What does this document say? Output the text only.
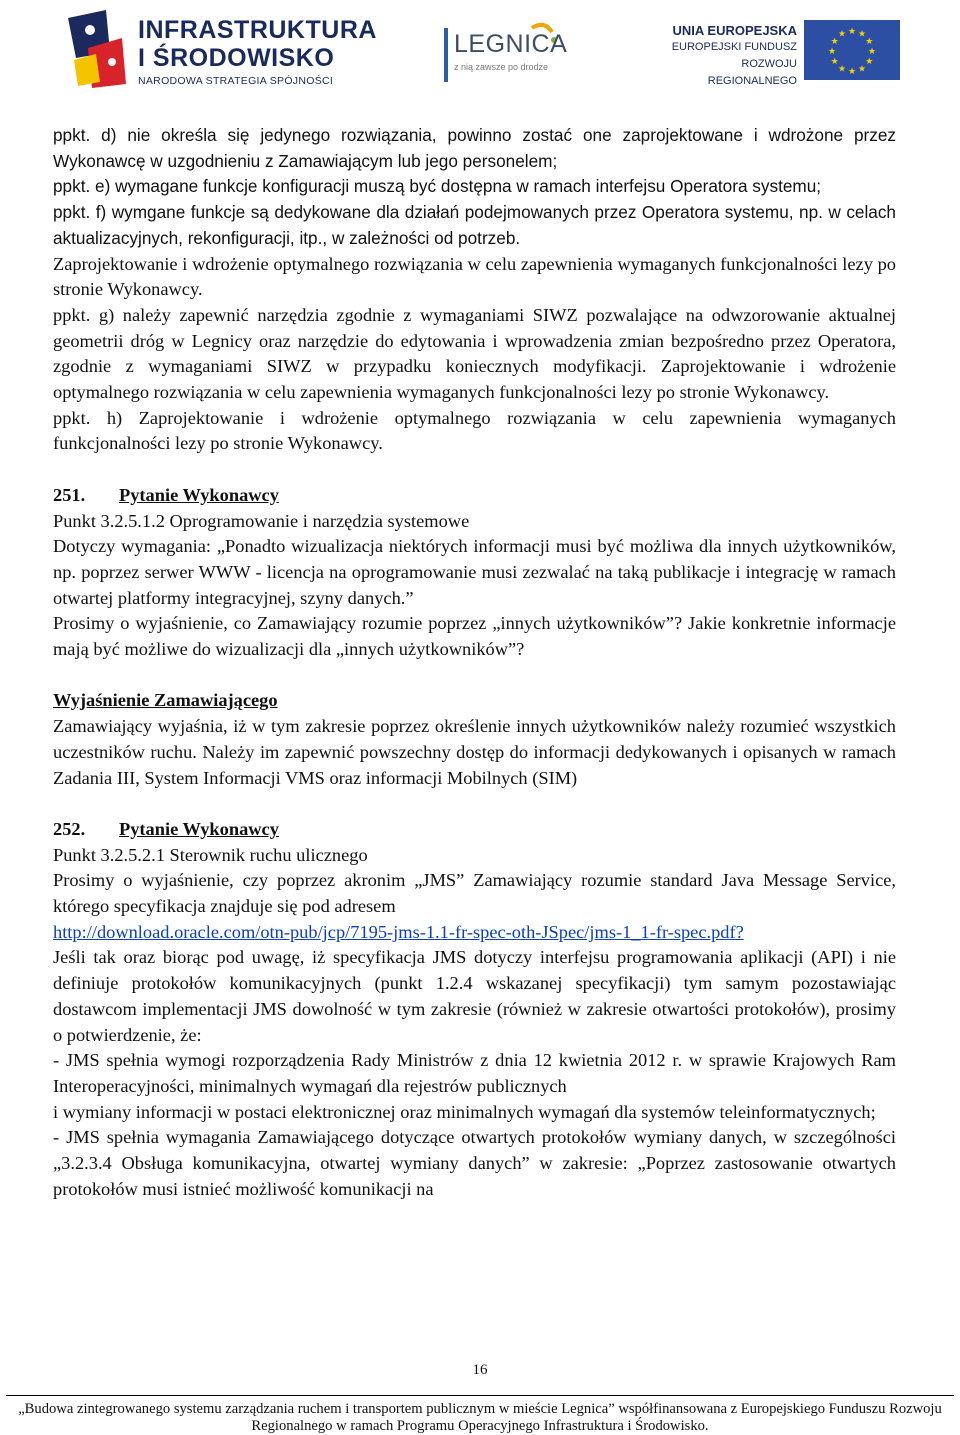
INFRASTRUKTURA
I ŚRODOWISKO
NARODOWA STRATEGIA SPÓJNOŚCI
LEGNICA
z nią zawsze po drodze
UNIA EUROPEJSKA
EUROPEJSKI FUNDUSZ
ROZWOJU REGIONALNEGO
★ ★
★
★
★
★
★
★
★
★
★
★

ppkt. d) nie określa się jedynego rozwiązania, powinno zostać one zaprojektowane i wdrożone przez Wykonawcę w uzgodnieniu z Zamawiającym lub jego personelem;

ppkt. e) wymagane funkcje konfiguracji muszą być dostępna w ramach interfejsu Operatora systemu;

ppkt. f) wymgane funkcje są dedykowane dla działań podejmowanych przez Operatora systemu, np. w celach aktualizacyjnych, rekonfiguracji, itp., w zależności od potrzeb.

Zaprojektowanie i wdrożenie optymalnego rozwiązania w celu zapewnienia wymaganych funkcjonalności lezy po stronie Wykonawcy.

ppkt. g) należy zapewnić narzędzia zgodnie z wymaganiami SIWZ pozwalające na odwzorowanie aktualnej geometrii dróg w Legnicy oraz narzędzie do edytowania i wprowadzenia zmian bezpośredno przez Operatora, zgodnie z wymaganiami SIWZ w przypadku koniecznych modyfikacji. Zaprojektowanie i wdrożenie optymalnego rozwiązania w celu zapewnienia wymaganych funkcjonalności lezy po stronie Wykonawcy.

ppkt. h) Zaprojektowanie i wdrożenie optymalnego rozwiązania w celu zapewnienia wymaganych funkcjonalności lezy po stronie Wykonawcy.

251. Pytanie Wykonawcy

Punkt 3.2.5.1.2 Oprogramowanie i narzędzia systemowe

Dotyczy wymagania: „Ponadto wizualizacja niektórych informacji musi być możliwa dla innych użytkowników, np. poprzez serwer WWW - licencja na oprogramowanie musi zezwalać na taką publikacje i integrację w ramach otwartej platformy integracyjnej, szyny danych.”

Prosimy o wyjaśnienie, co Zamawiający rozumie poprzez „innych użytkowników”? Jakie konkretnie informacje mają być możliwe do wizualizacji dla „innych użytkowników”?

Wyjaśnienie Zamawiającego

Zamawiający wyjaśnia, iż w tym zakresie poprzez określenie innych użytkowników należy rozumieć wszystkich uczestników ruchu. Należy im zapewnić powszechny dostęp do informacji dedykowanych i opisanych w ramach Zadania III, System Informacji VMS oraz informacji Mobilnych (SIM)

252. Pytanie Wykonawcy

Punkt 3.2.5.2.1 Sterownik ruchu ulicznego

Prosimy o wyjaśnienie, czy poprzez akronim „JMS” Zamawiający rozumie standard Java Message Service, którego specyfikacja znajduje się pod adresem

http://download.oracle.com/otn-pub/jcp/7195-jms-1.1-fr-spec-oth-JSpec/jms-1_1-fr-spec.pdf?

Jeśli tak oraz biorąc pod uwagę, iż specyfikacja JMS dotyczy interfejsu programowania aplikacji (API) i nie definiuje protokołów komunikacyjnych (punkt 1.2.4 wskazanej specyfikacji) tym samym pozostawiając dostawcom implementacji JMS dowolność w tym zakresie (również w zakresie otwartości protokołów), prosimy o potwierdzenie, że:

- JMS spełnia wymogi rozporządzenia Rady Ministrów z dnia 12 kwietnia 2012 r. w sprawie Krajowych Ram Interoperacyjności, minimalnych wymagań dla rejestrów publicznych

i wymiany informacji w postaci elektronicznej oraz minimalnych wymagań dla systemów teleinformatycznych;

- JMS spełnia wymagania Zamawiającego dotyczące otwartych protokołów wymiany danych, w szczególności „3.2.3.4 Obsługa komunikacyjna, otwartej wymiany danych” w zakresie: „Poprzez zastosowanie otwartych protokołów musi istnieć możliwość komunikacji na

16
„Budowa zintegrowanego systemu zarządzania ruchem i transportem publicznym w mieście Legnica” współfinansowana z Europejskiego Funduszu Rozwoju
Regionalnego w ramach Programu Operacyjnego Infrastruktura i Środowisko.
